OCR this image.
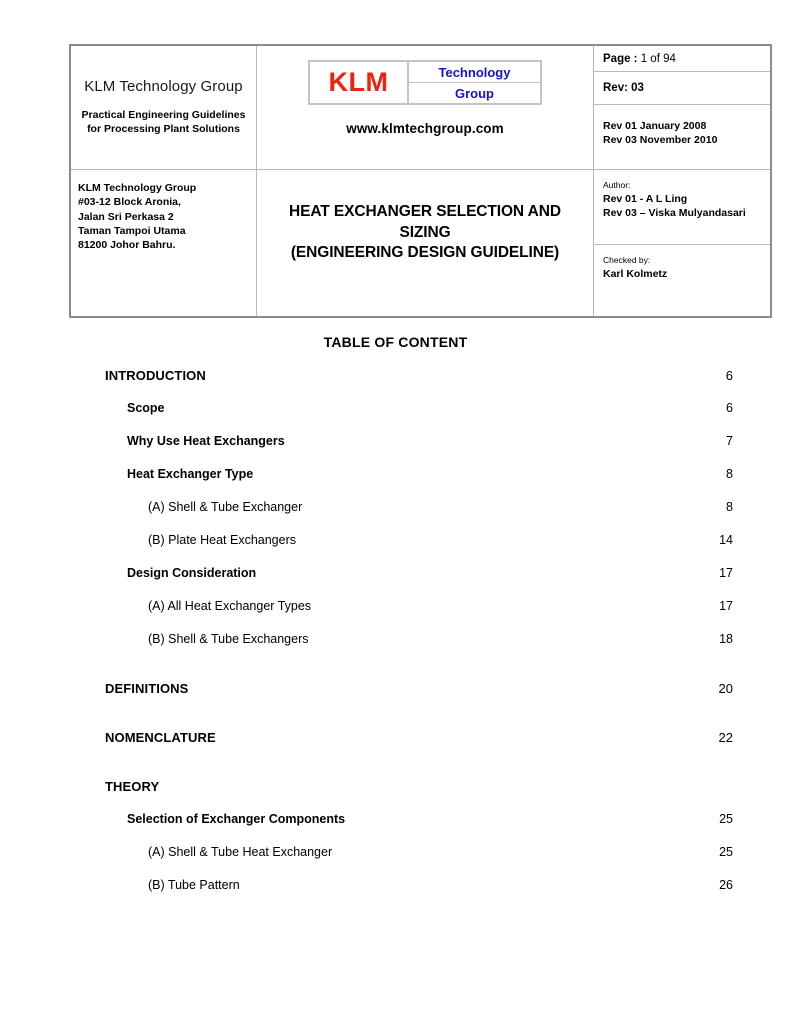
KLM Technology Group
Practical Engineering Guidelines
for Processing Plant Solutions
KLM Technology Group
#03-12 Block Aronia,
Jalan Sri Perkasa 2
Taman Tampoi Utama
81200 Johor Bahru.
KLM	Technology
Group
www.klmtechgroup.com
HEAT EXCHANGER SELECTION AND
SIZING
(ENGINEERING DESIGN GUIDELINE)
Page : 1 of 94
Rev: 03
Rev 01 January 2008
Rev 03 November 2010
Author:
Rev 01 - A L Ling
Rev 03 – Viska Mulyandasari
Checked by:
Karl Kolmetz
TABLE OF CONTENT
INTRODUCTION	6
Scope	6
Why Use Heat Exchangers	7
Heat Exchanger Type	8
(A) Shell & Tube Exchanger	8
(B) Plate Heat Exchangers	14
Design Consideration	17
(A) All Heat Exchanger Types	17
(B) Shell & Tube Exchangers	18
DEFINITIONS	20
NOMENCLATURE	22
THEORY
Selection of Exchanger Components	25
(A) Shell & Tube Heat Exchanger	25
(B) Tube Pattern	26
